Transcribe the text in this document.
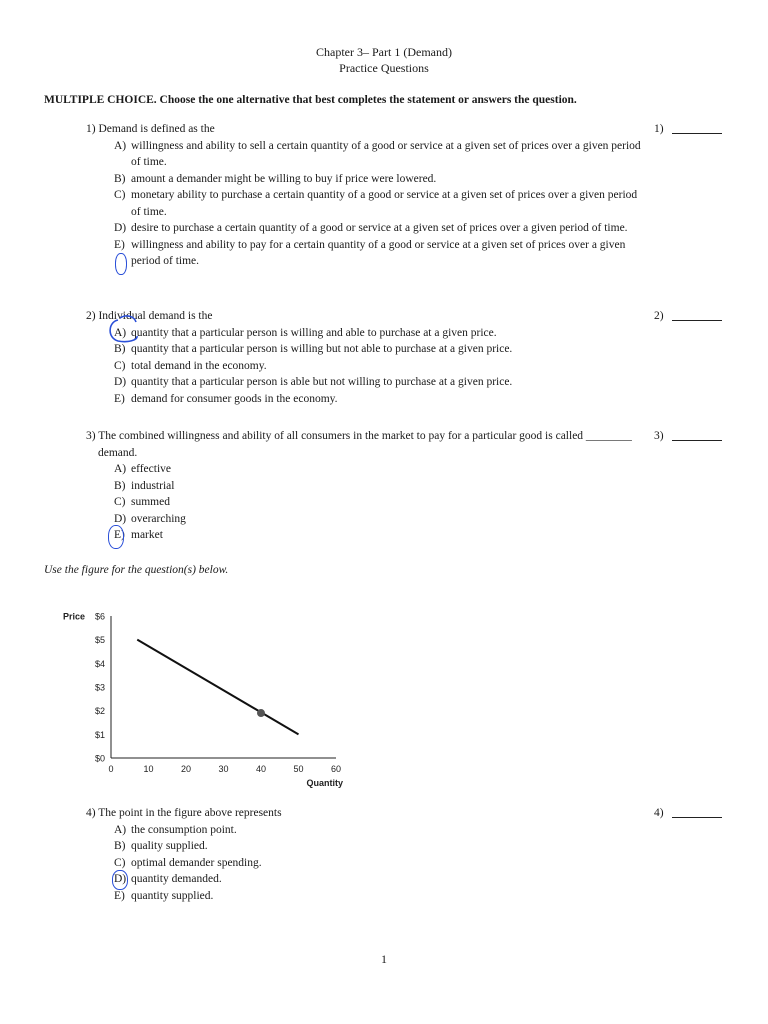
Chapter 3– Part 1 (Demand)
Practice Questions
MULTIPLE CHOICE. Choose the one alternative that best completes the statement or answers the question.
1) Demand is defined as the
A) willingness and ability to sell a certain quantity of a good or service at a given set of prices over a given period of time.
B) amount a demander might be willing to buy if price were lowered.
C) monetary ability to purchase a certain quantity of a good or service at a given set of prices over a given period of time.
D) desire to purchase a certain quantity of a good or service at a given set of prices over a given period of time.
E) willingness and ability to pay for a certain quantity of a good or service at a given set of prices over a given period of time.
1)
2) Individual demand is the
A) quantity that a particular person is willing and able to purchase at a given price.
B) quantity that a particular person is willing but not able to purchase at a given price.
C) total demand in the economy.
D) quantity that a particular person is able but not willing to purchase at a given price.
E) demand for consumer goods in the economy.
2)
3) The combined willingness and ability of all consumers in the market to pay for a particular good is called ________ demand.
A) effective
B) industrial
C) summed
D) overarching
E) market
3)
Use the figure for the question(s) below.
$0
$1
$2
$3
$4
$5
$6
0	10	20	30	40	50	60
Price
Quantity
4) The point in the figure above represents
A) the consumption point.
B) quality supplied.
C) optimal demander spending.
D) quantity demanded.
E) quantity supplied.
4)
1
